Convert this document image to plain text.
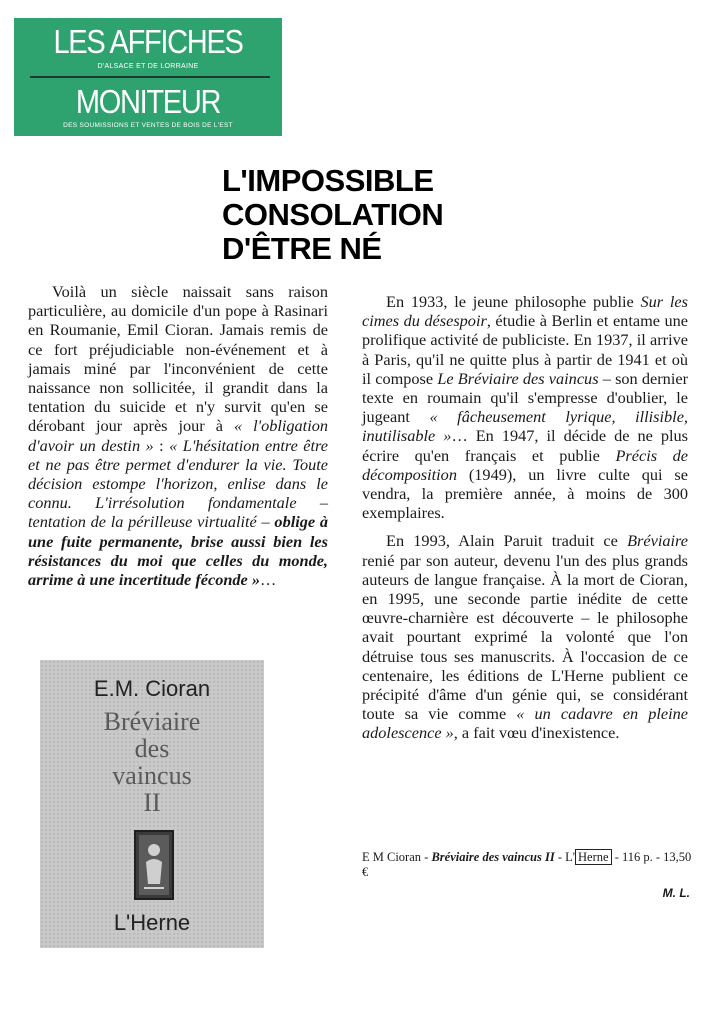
LES AFFICHES
D'ALSACE ET DE LORRAINE
MONITEUR
DES SOUMISSIONS ET VENTES DE BOIS DE L'EST
L'IMPOSSIBLE
CONSOLATION
D'ÊTRE NÉ

Voilà un siècle naissait sans raison particulière, au domicile d'un pope à Rasinari en Roumanie, Emil Cioran. Jamais remis de ce fort préjudiciable non-événement et à jamais miné par l'inconvénient de cette naissance non sollicitée, il grandit dans la tentation du suicide et n'y survit qu'en se dérobant jour après jour à « l'obligation d'avoir un destin » : « L'hésitation entre être et ne pas être permet d'endurer la vie. Toute décision estompe l'horizon, enlise dans le connu. L'irrésolution fondamentale – tentation de la périlleuse virtualité – oblige à une fuite permanente, brise aussi bien les résistances du moi que celles du monde, arrime à une incertitude féconde »…

En 1933, le jeune philosophe publie Sur les cimes du désespoir, étudie à Berlin et entame une prolifique activité de publiciste. En 1937, il arrive à Paris, qu'il ne quitte plus à partir de 1941 et où il compose Le Bréviaire des vaincus – son dernier texte en roumain qu'il s'empresse d'oublier, le jugeant « fâcheusement lyrique, illisible, inutilisable »… En 1947, il décide de ne plus écrire qu'en français et publie Précis de décomposition (1949), un livre culte qui se vendra, la première année, à moins de 300 exemplaires.

En 1993, Alain Paruit traduit ce Bréviaire renié par son auteur, devenu l'un des plus grands auteurs de langue française. À la mort de Cioran, en 1995, une seconde partie inédite de cette œuvre-charnière est découverte – le philosophe avait pourtant exprimé la volonté que l'on détruise tous ses manuscrits. À l'occasion de ce centenaire, les éditions de L'Herne publient ce précipité d'âme d'un génie qui, se considérant toute sa vie comme « un cadavre en pleine adolescence », a fait vœu d'inexistence.

E.M. Cioran
Bréviaire
des
vaincus
II
L'Herne
E M Cioran - Bréviaire des vaincus II - L' Herne - 116 p. - 13,50 €
M. L.
